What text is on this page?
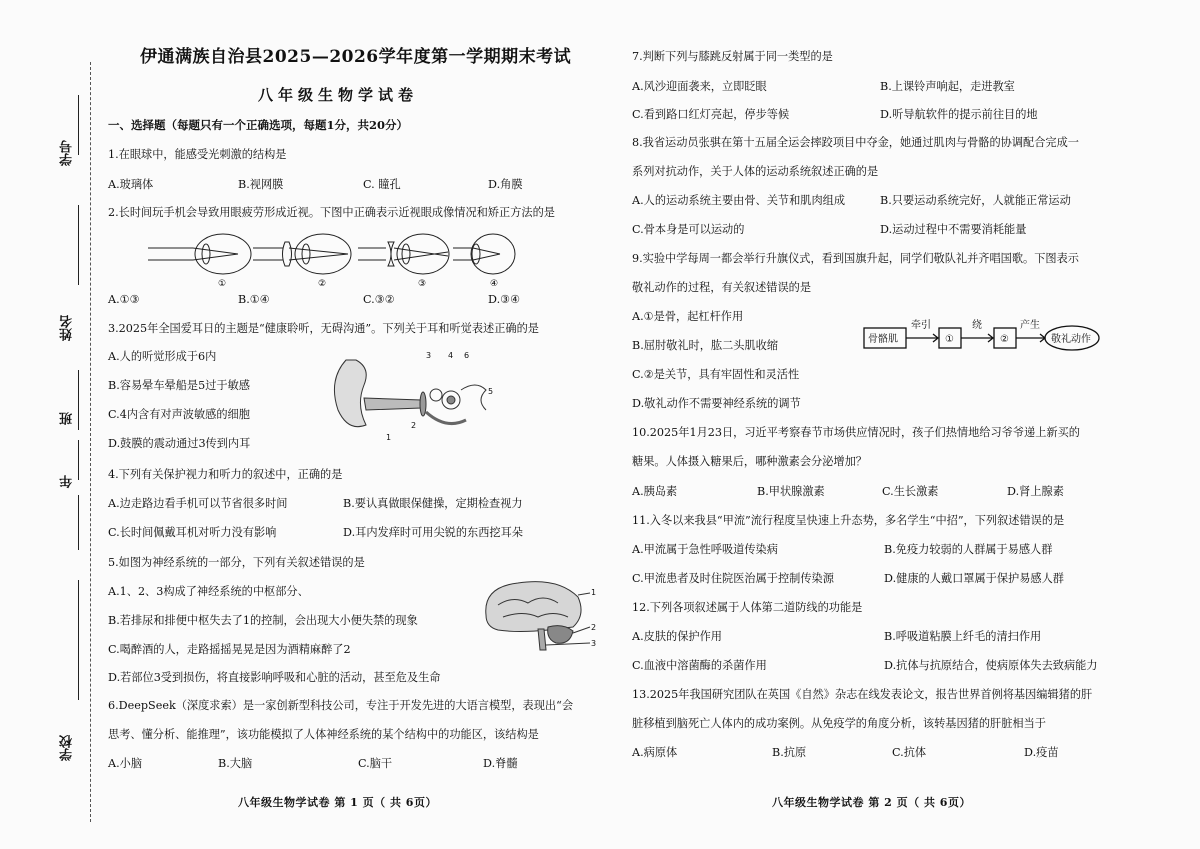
学号
姓名
班
年
学校
伊通满族自治县2025—2026学年度第一学期期末考试
八年级生物学试卷
一、选择题（每题只有一个正确选项，每题1分，共20分）
1.在眼球中，能感受光刺激的结构是
A.玻璃体	B.视网膜	C. 瞳孔	D.角膜
2.长时间玩手机会导致用眼疲劳形成近视。下图中正确表示近视眼成像情况和矫正方法的是
①	②	③	④
A.①③	B.①④	C.③②	D.③④
3.2025年全国爱耳日的主题是“健康聆听，无碍沟通”。下列关于耳和听觉表述正确的是
A.人的听觉形成于6内
B.容易晕车晕船是5过于敏感
C.4内含有对声波敏感的细胞
D.鼓膜的震动通过3传到内耳	1
2
3 4 6
5
4.下列有关保护视力和听力的叙述中，正确的是
A.边走路边看手机可以节省很多时间	B.要认真做眼保健操，定期检查视力
C.长时间佩戴耳机对听力没有影响	D.耳内发痒时可用尖锐的东西挖耳朵
5.如图为神经系统的一部分，下列有关叙述错误的是
A.1、2、3构成了神经系统的中枢部分、
B.若排尿和排便中枢失去了1的控制，会出现大小便失禁的现象
C.喝醉酒的人，走路摇摇晃晃是因为酒精麻醉了2
D.若部位3受到损伤，将直接影响呼吸和心脏的活动，甚至危及生命
1
2
3
6.DeepSeek（深度求索）是一家创新型科技公司，专注于开发先进的大语言模型，表现出“会
思考、懂分析、能推理”，该功能模拟了人体神经系统的某个结构中的功能区，该结构是
A.小脑	B.大脑	C.脑干	D.脊髓
八年级生物学试卷 第 1 页（ 共 6页）
7.判断下列与膝跳反射属于同一类型的是
A.风沙迎面袭来，立即眨眼	B.上课铃声响起，走进教室
C.看到路口红灯亮起，停步等候	D.听导航软件的提示前往目的地
8.我省运动员张骐在第十五届全运会摔跤项目中夺金，她通过肌肉与骨骼的协调配合完成一
系列对抗动作，关于人体的运动系统叙述正确的是
A.人的运动系统主要由骨、关节和肌肉组成	B.只要运动系统完好，人就能正常运动
C.骨本身是可以运动的	D.运动过程中不需要消耗能量
9.实验中学每周一都会举行升旗仪式，看到国旗升起，同学们敬队礼并齐唱国歌。下图表示
敬礼动作的过程，有关叙述错误的是
A.①是骨，起杠杆作用
B.屈肘敬礼时，肱二头肌收缩
C.②是关节，具有牢固性和灵活性
D.敬礼动作不需要神经系统的调节
骨骼肌
牵引
①
绕
②
产生
敬礼动作
10.2025年1月23日，习近平考察春节市场供应情况时，孩子们热情地给习爷爷递上新买的
糖果。人体摄入糖果后，哪种激素会分泌增加？
A.胰岛素	B.甲状腺激素	C.生长激素	D.肾上腺素
11.入冬以来我县“甲流”流行程度呈快速上升态势，多名学生“中招”，下列叙述错误的是
A.甲流属于急性呼吸道传染病	B.免疫力较弱的人群属于易感人群
C.甲流患者及时住院医治属于控制传染源	D.健康的人戴口罩属于保护易感人群
12.下列各项叙述属于人体第二道防线的功能是
A.皮肤的保护作用	B.呼吸道粘膜上纤毛的清扫作用
C.血液中溶菌酶的杀菌作用	D.抗体与抗原结合，使病原体失去致病能力
13.2025年我国研究团队在英国《自然》杂志在线发表论文，报告世界首例将基因编辑猪的肝
脏移植到脑死亡人体内的成功案例。从免疫学的角度分析，该转基因猪的肝脏相当于
A.病原体	B.抗原	C.抗体	D.疫苗
八年级生物学试卷 第 2 页（ 共 6页）
